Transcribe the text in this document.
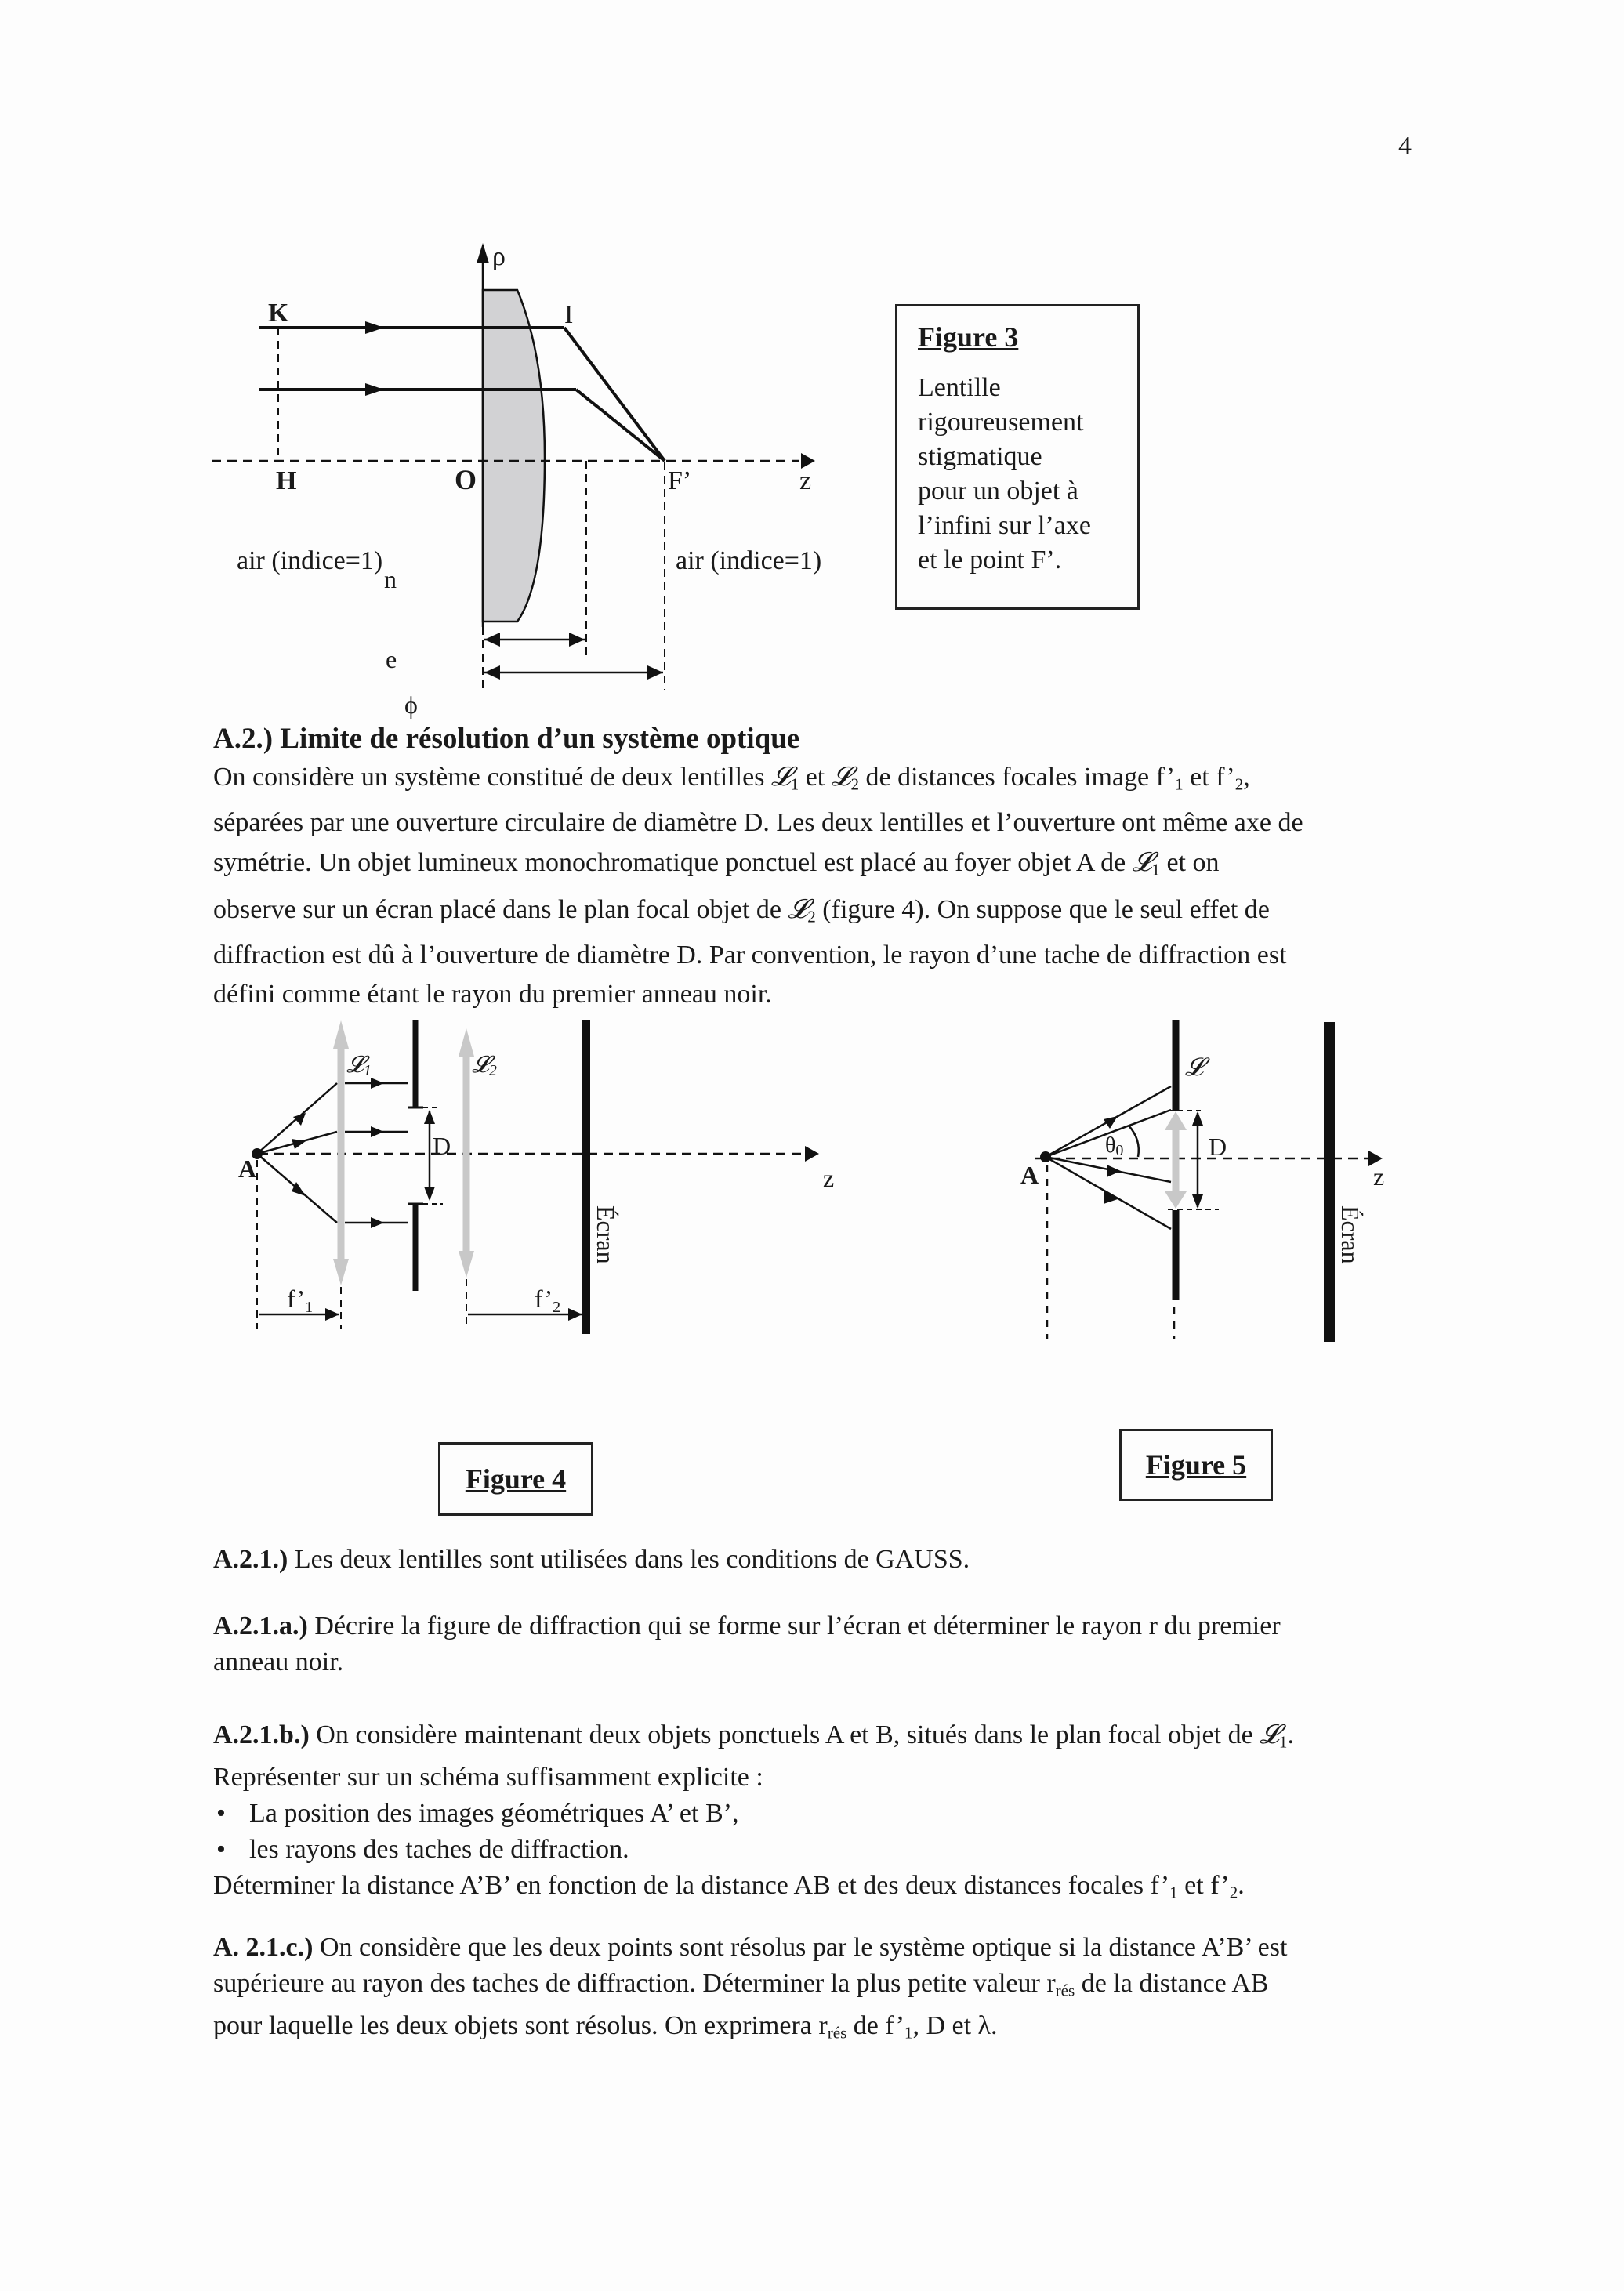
4
ρ
K	I
H	O	F’	z
air (indice=1)	air (indice=1)
n
e
ϕ
Figure 3
Lentille
rigoureusement
stigmatique
pour un objet à
l’infini sur l’axe
et le point F’.
A.2.) Limite de résolution d’un système optique
On considère un système constitué de deux lentilles 𝓛$_1$ et 𝓛$_2$ de distances focales image $f’_1$ et $f’_2$,
séparées par une ouverture circulaire de diamètre D. Les deux lentilles et l’ouverture ont même axe de
symétrie. Un objet lumineux monochromatique ponctuel est placé au foyer objet A de 𝓛$_1$ et on
observe sur un écran placé dans le plan focal objet de 𝓛$_2$ (figure 4). On suppose que le seul effet de
diffraction est dû à l’ouverture de diamètre D. Par convention, le rayon d’une tache de diffraction est
défini comme étant le rayon du premier anneau noir.
𝓛1	𝓛2
A
D
z
Écran
f’1	f’2
Figure 4
𝓛
A
θ0	D
z
Écran
Figure 5
A.2.1.) Les deux lentilles sont utilisées dans les conditions de GAUSS.
A.2.1.a.) Décrire la figure de diffraction qui se forme sur l’écran et déterminer le rayon r du premier
anneau noir.
A.2.1.b.) On considère maintenant deux objets ponctuels A et B, situés dans le plan focal objet de 𝓛$_1$.
Représenter sur un schéma suffisamment explicite :
• La position des images géométriques A’ et B’,
• les rayons des taches de diffraction.
Déterminer la distance A’B’ en fonction de la distance AB et des deux distances focales $f’_1$ et $f’_2$.
A. 2.1.c.) On considère que les deux points sont résolus par le système optique si la distance A’B’ est
supérieure au rayon des taches de diffraction. Déterminer la plus petite valeur $r_{rés}$ de la distance AB
pour laquelle les deux objets sont résolus. On exprimera $r_{rés}$ de $f’_1$, D et λ.
